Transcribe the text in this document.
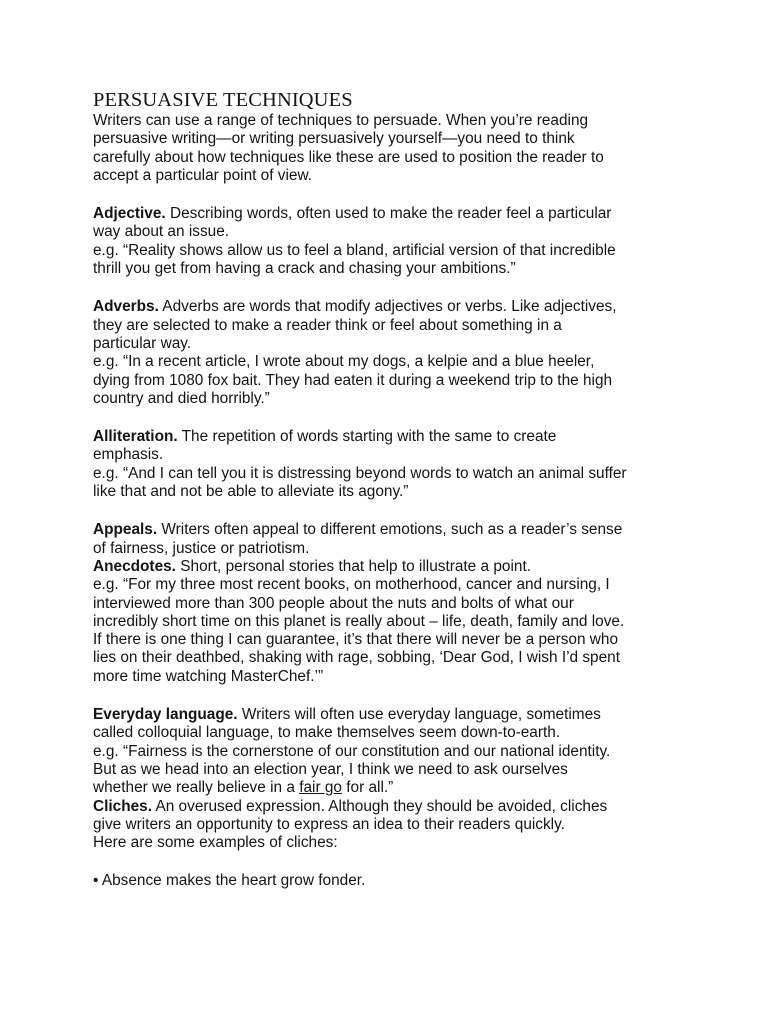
PERSUASIVE TECHNIQUES

Writers can use a range of techniques to persuade. When you’re reading

persuasive writing—or writing persuasively yourself—you need to think

carefully about how techniques like these are used to position the reader to

accept a particular point of view.

Adjective. Describing words, often used to make the reader feel a particular

way about an issue.

e.g. “Reality shows allow us to feel a bland, artificial version of that incredible

thrill you get from having a crack and chasing your ambitions.”

Adverbs. Adverbs are words that modify adjectives or verbs. Like adjectives,

they are selected to make a reader think or feel about something in a

particular way.

e.g. “In a recent article, I wrote about my dogs, a kelpie and a blue heeler,

dying from 1080 fox bait. They had eaten it during a weekend trip to the high

country and died horribly.”

Alliteration. The repetition of words starting with the same to create

emphasis.

e.g. “And I can tell you it is distressing beyond words to watch an animal suffer

like that and not be able to alleviate its agony.”

Appeals. Writers often appeal to different emotions, such as a reader’s sense

of fairness, justice or patriotism.

Anecdotes. Short, personal stories that help to illustrate a point.

e.g. “For my three most recent books, on motherhood, cancer and nursing, I

interviewed more than 300 people about the nuts and bolts of what our

incredibly short time on this planet is really about – life, death, family and love.

If there is one thing I can guarantee, it’s that there will never be a person who

lies on their deathbed, shaking with rage, sobbing, ‘Dear God, I wish I’d spent

more time watching MasterChef.’”

Everyday language. Writers will often use everyday language, sometimes

called colloquial language, to make themselves seem down-to-earth.

e.g. “Fairness is the cornerstone of our constitution and our national identity.

But as we head into an election year, I think we need to ask ourselves

whether we really believe in a fair go for all.”

Cliches. An overused expression. Although they should be avoided, cliches

give writers an opportunity to express an idea to their readers quickly.

Here are some examples of cliches:

• Absence makes the heart grow fonder.
